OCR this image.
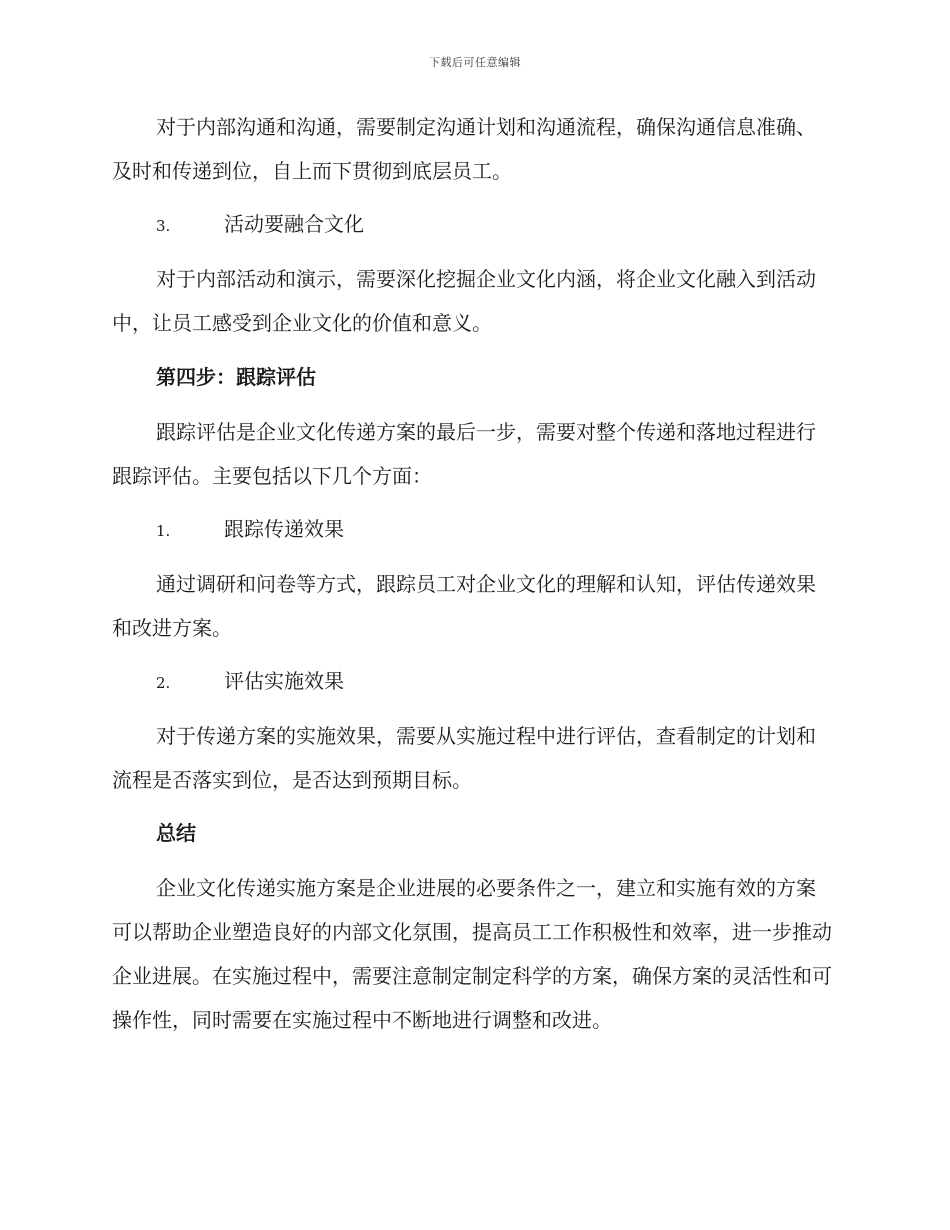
下载后可任意编辑

对于内部沟通和沟通，需要制定沟通计划和沟通流程，确保沟通信息准确、及时和传递到位，自上而下贯彻到底层员工。

3.	活动要融合文化

对于内部活动和演示，需要深化挖掘企业文化内涵，将企业文化融入到活动中，让员工感受到企业文化的价值和意义。

第四步：跟踪评估

跟踪评估是企业文化传递方案的最后一步，需要对整个传递和落地过程进行跟踪评估。主要包括以下几个方面：

1.	跟踪传递效果

通过调研和问卷等方式，跟踪员工对企业文化的理解和认知，评估传递效果和改进方案。

2.	评估实施效果

对于传递方案的实施效果，需要从实施过程中进行评估，查看制定的计划和流程是否落实到位，是否达到预期目标。

总结

企业文化传递实施方案是企业进展的必要条件之一，建立和实施有效的方案可以帮助企业塑造良好的内部文化氛围，提高员工工作积极性和效率，进一步推动企业进展。在实施过程中，需要注意制定制定科学的方案，确保方案的灵活性和可操作性，同时需要在实施过程中不断地进行调整和改进。
